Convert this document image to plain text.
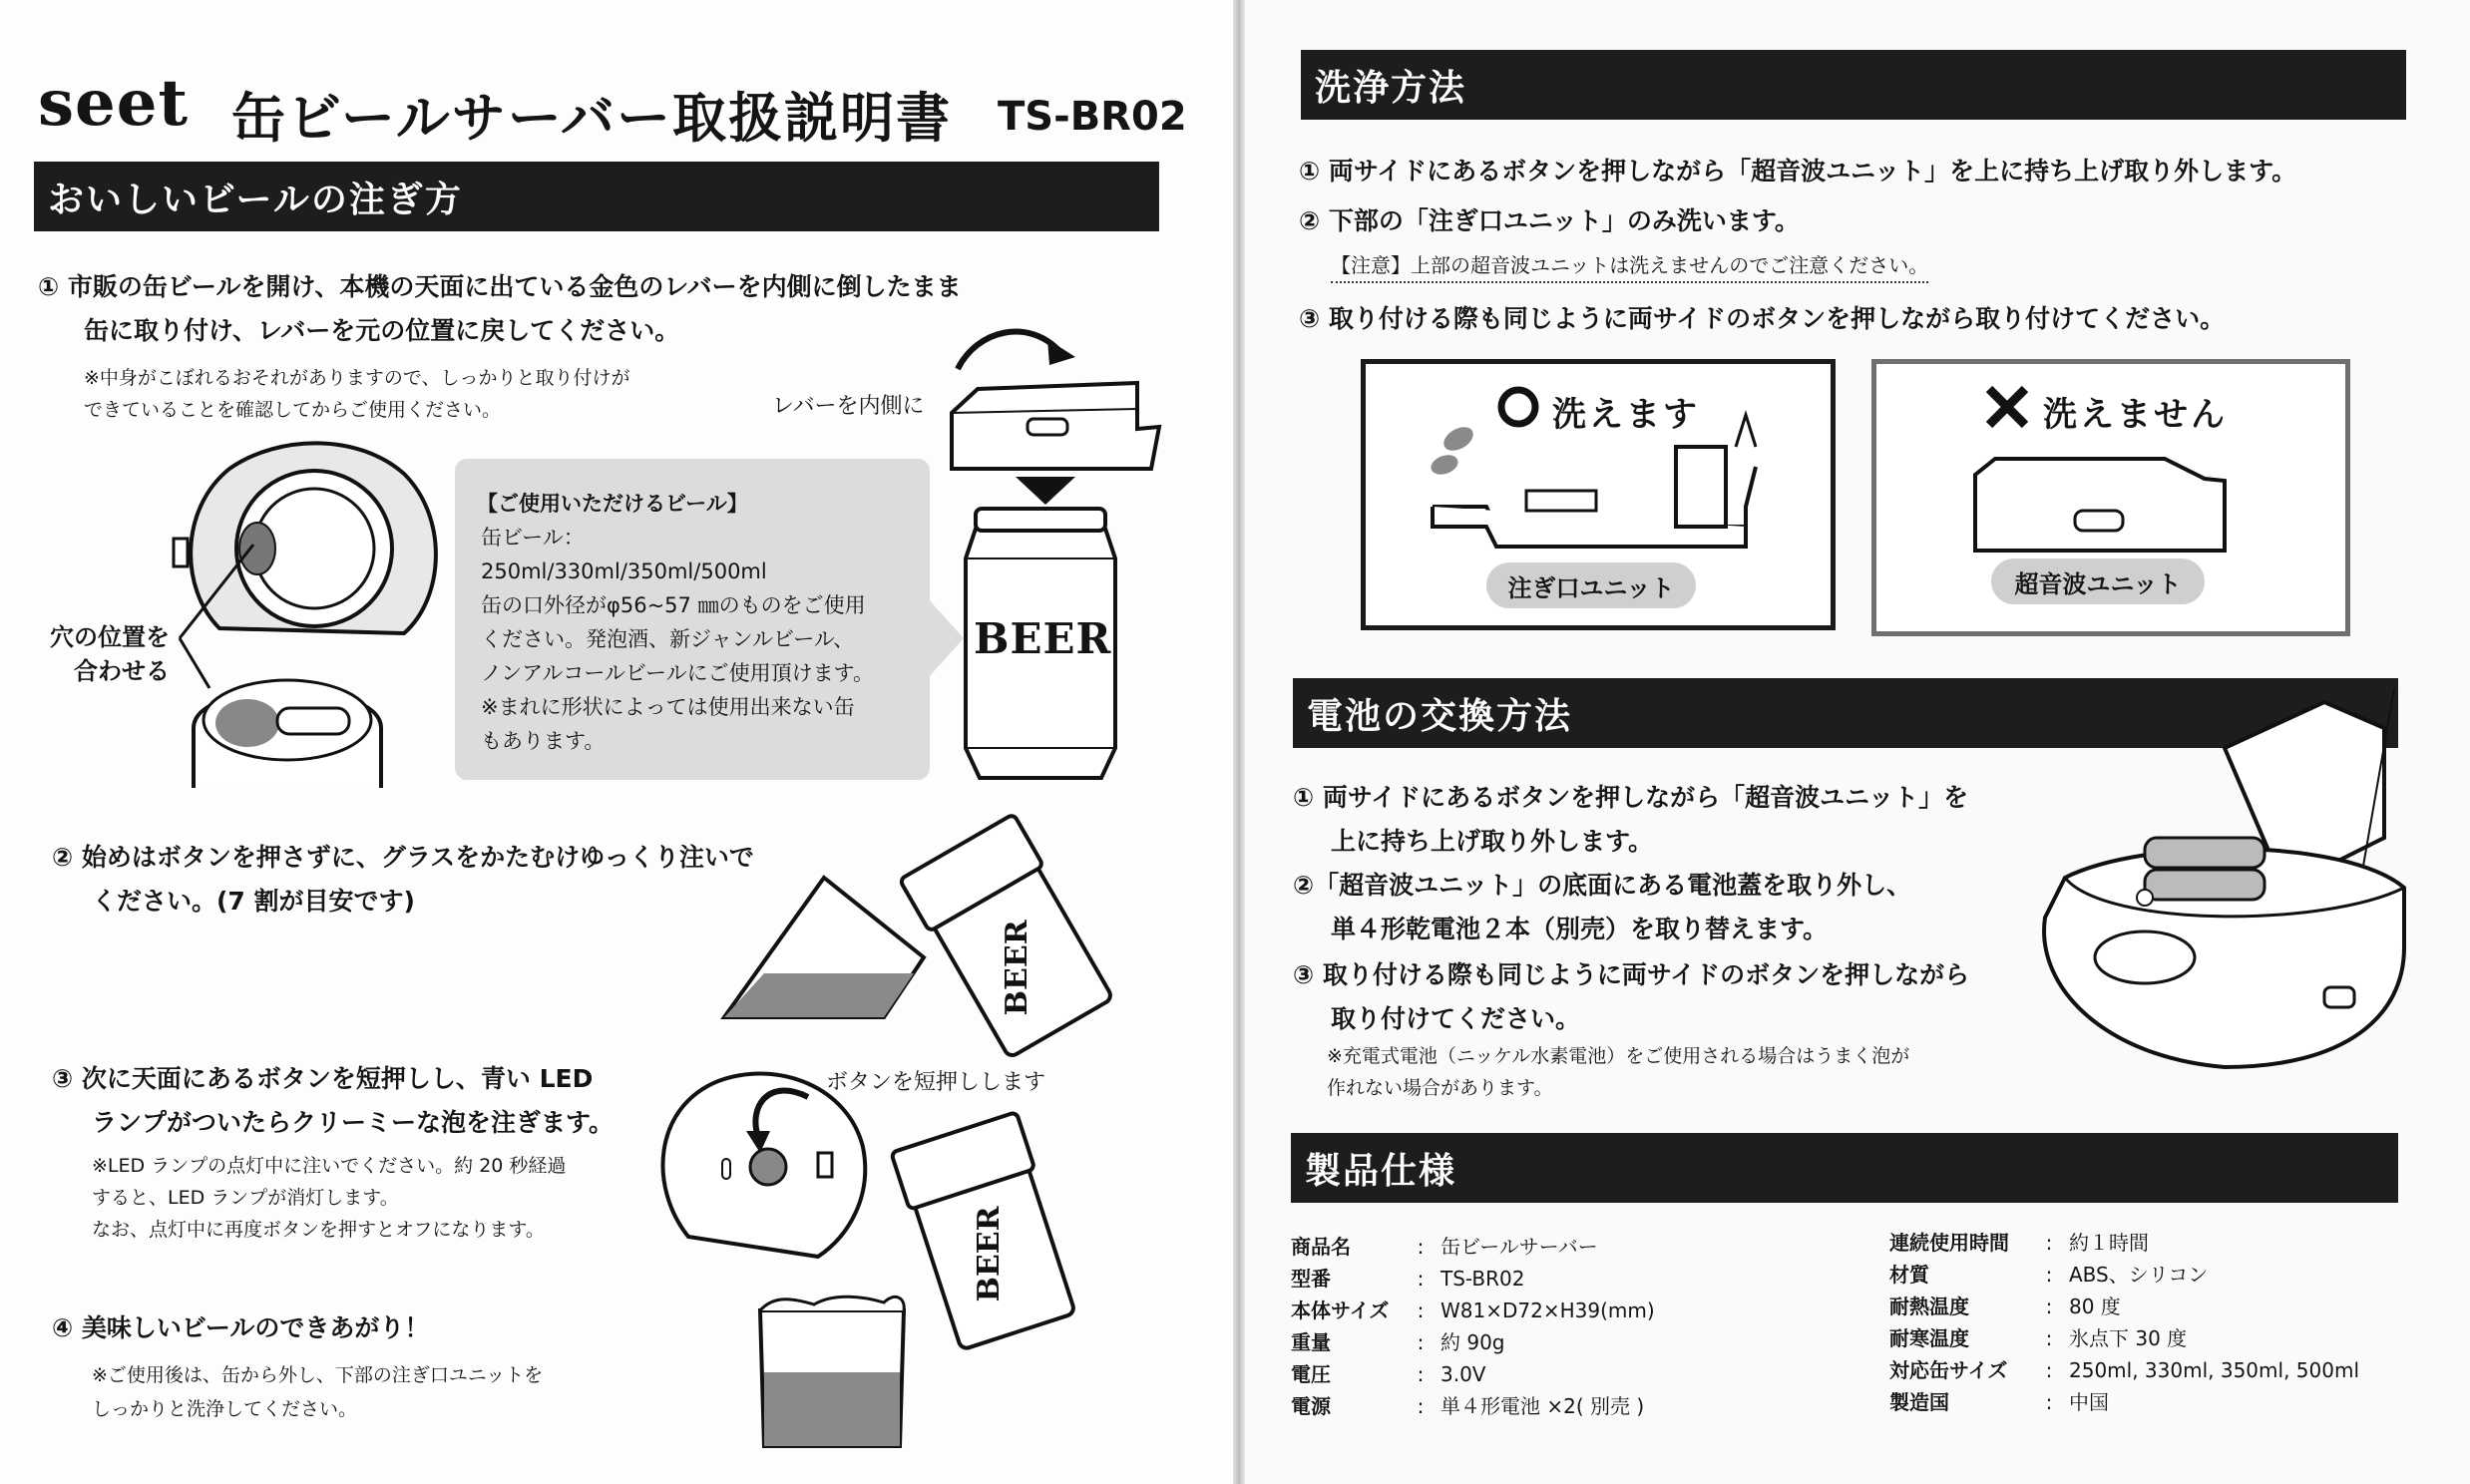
seet 缶ビールサーバー取扱説明書 TS-BR02
おいしいビールの注ぎ方
① 市販の缶ビールを開け、本機の天面に出ている金色のレバーを内側に倒したまま
缶に取り付け、レバーを元の位置に戻してください。
※中身がこぼれるおそれがありますので、しっかりと取り付けが
できていることを確認してからご使用ください。	レバーを内側に
BEER
穴の位置を
合わせる
【ご使用いただけるビール】
缶ビール：
250ml/330ml/350ml/500ml
缶の口外径がφ56~57 ㎜のものをご使用
ください。発泡酒、新ジャンルビール、
ノンアルコールビールにご使用頂けます。
※まれに形状によっては使用出来ない缶
もあります。
② 始めはボタンを押さずに、グラスをかたむけゆっくり注いで
ください。(7 割が目安です)
BEER
③ 次に天面にあるボタンを短押しし、青い LED
ランプがついたらクリーミーな泡を注ぎます。
※LED ランプの点灯中に注いでください。約 20 秒経過
すると、LED ランプが消灯します。
なお、点灯中に再度ボタンを押すとオフになります。
ボタンを短押しします
BEER
④ 美味しいビールのできあがり！
※ご使用後は、缶から外し、下部の注ぎ口ユニットを
しっかりと洗浄してください。
洗浄方法
① 両サイドにあるボタンを押しながら「超音波ユニット」を上に持ち上げ取り外します。
② 下部の「注ぎ口ユニット」のみ洗います。
【注意】上部の超音波ユニットは洗えませんのでご注意ください。
③ 取り付ける際も同じように両サイドのボタンを押しながら取り付けてください。
洗えます
注ぎ口ユニット
洗えません
超音波ユニット
電池の交換方法
① 両サイドにあるボタンを押しながら「超音波ユニット」を
上に持ち上げ取り外します。
②「超音波ユニット」の底面にある電池蓋を取り外し、
単４形乾電池２本（別売）を取り替えます。
③ 取り付ける際も同じように両サイドのボタンを押しながら
取り付けてください。
※充電式電池（ニッケル水素電池）をご使用される場合はうまく泡が
作れない場合があります。
製品仕様
商品名	: 缶ビールサーバー
型番	: TS-BR02
本体サイズ	: W81×D72×H39(mm)
重量	: 約 90g
電圧	: 3.0V
電源	: 単４形電池 ×2( 別売 )
連続使用時間	: 約１時間
材質	: ABS、シリコン
耐熱温度	: 80 度
耐寒温度	: 氷点下 30 度
対応缶サイズ	: 250ml, 330ml, 350ml, 500ml
製造国	: 中国
